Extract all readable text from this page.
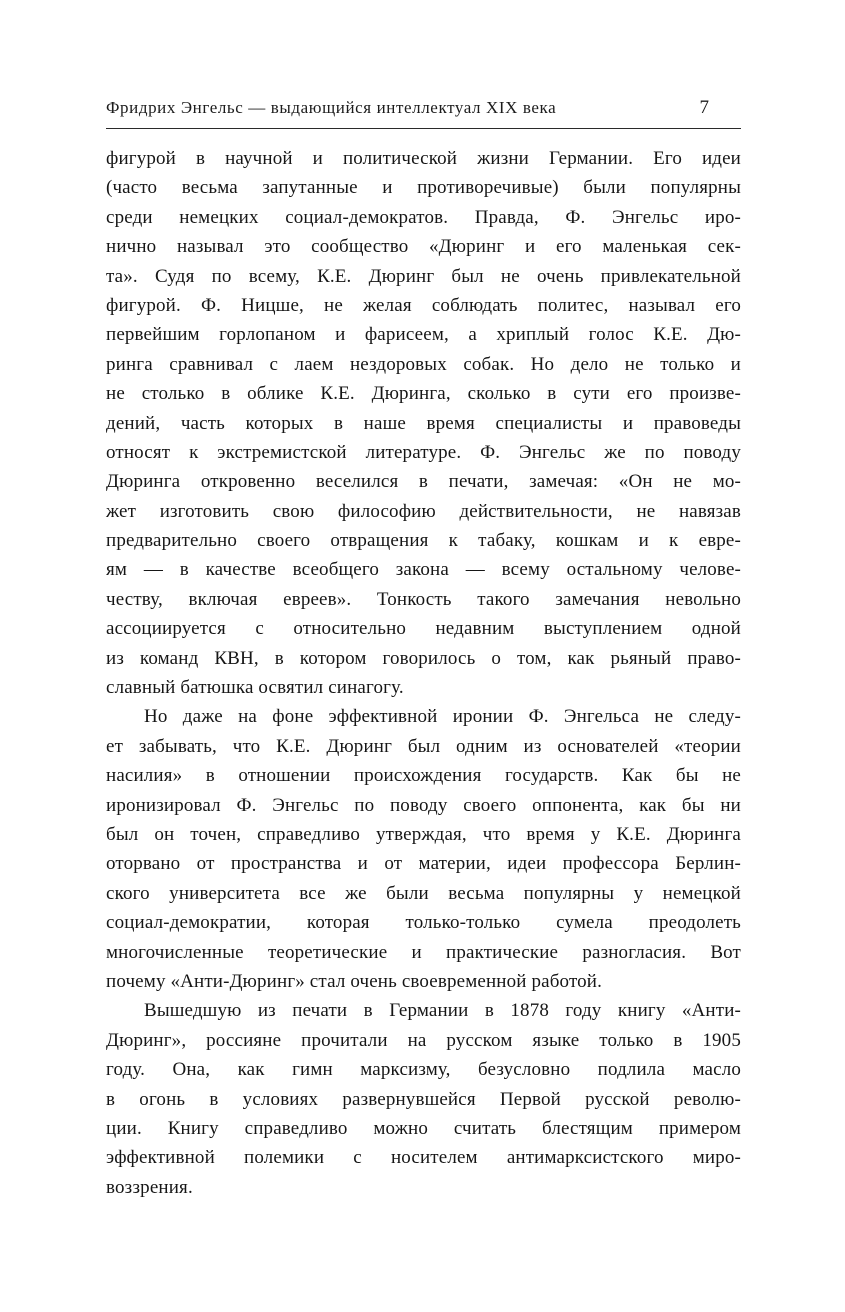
Фридрих Энгельс — выдающийся интеллектуал XIX века	7
фигурой в научной и политической жизни Германии. Его идеи
(часто весьма запутанные и противоречивые) были популярны
среди немецких социал-демократов. Правда, Ф. Энгельс иро-
нично называл это сообщество «Дюринг и его маленькая сек-
та». Судя по всему, К.Е. Дюринг был не очень привлекательной
фигурой. Ф. Ницше, не желая соблюдать политес, называл его
первейшим горлопаном и фарисеем, а хриплый голос К.Е. Дю-
ринга сравнивал с лаем нездоровых собак. Но дело не только и
не столько в облике К.Е. Дюринга, сколько в сути его произве-
дений, часть которых в наше время специалисты и правоведы
относят к экстремистской литературе. Ф. Энгельс же по поводу
Дюринга откровенно веселился в печати, замечая: «Он не мо-
жет изготовить свою философию действительности, не навязав
предварительно своего отвращения к табаку, кошкам и к евре-
ям — в качестве всеобщего закона — всему остальному челове-
честву, включая евреев». Тонкость такого замечания невольно
ассоциируется с относительно недавним выступлением одной
из команд КВН, в котором говорилось о том, как рьяный право-
славный батюшка освятил синагогу.
Но даже на фоне эффективной иронии Ф. Энгельса не следу-
ет забывать, что К.Е. Дюринг был одним из основателей «теории
насилия» в отношении происхождения государств. Как бы не
иронизировал Ф. Энгельс по поводу своего оппонента, как бы ни
был он точен, справедливо утверждая, что время у К.Е. Дюринга
оторвано от пространства и от материи, идеи профессора Берлин-
ского университета все же были весьма популярны у немецкой
социал-демократии, которая только-только сумела преодолеть
многочисленные теоретические и практические разногласия. Вот
почему «Анти-Дюринг» стал очень своевременной работой.
Вышедшую из печати в Германии в 1878 году книгу «Анти-
Дюринг», россияне прочитали на русском языке только в 1905
году. Она, как гимн марксизму, безусловно подлила масло
в огонь в условиях развернувшейся Первой русской револю-
ции. Книгу справедливо можно считать блестящим примером
эффективной полемики с носителем антимарксистского миро-
воззрения.
